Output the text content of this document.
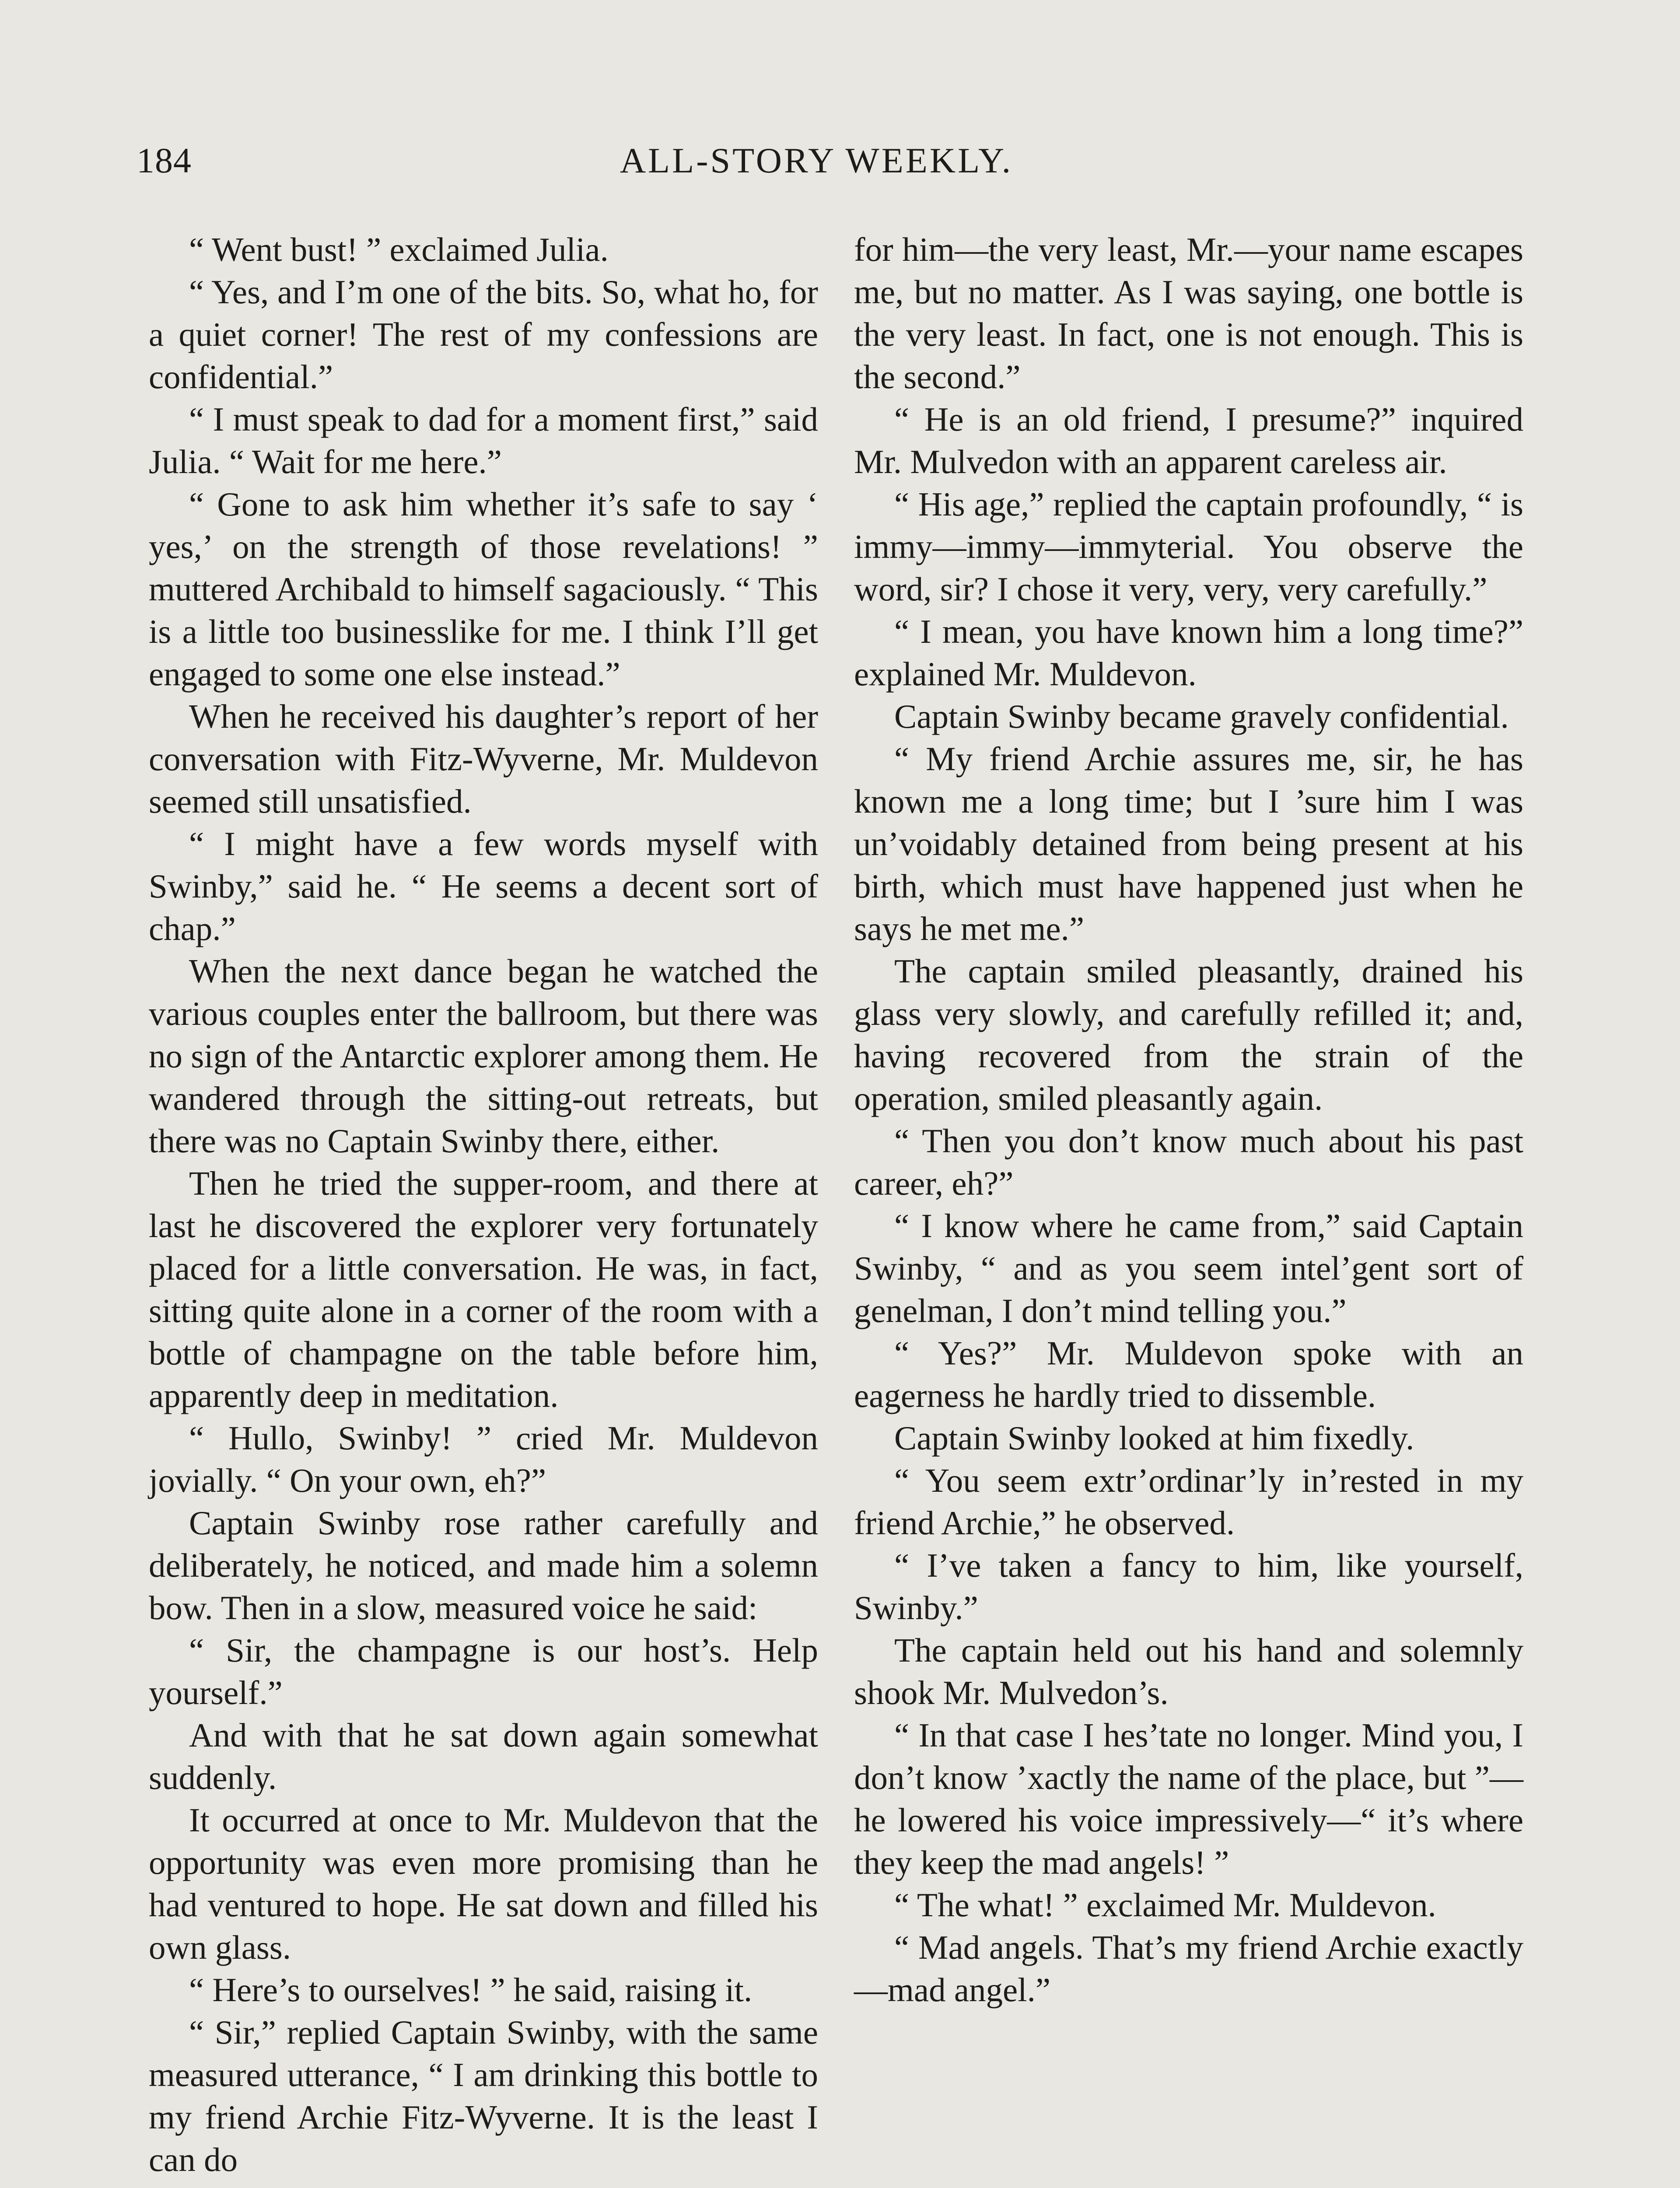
184	ALL-STORY WEEKLY.

“ Went bust! ” exclaimed Julia.

“ Yes, and I’m one of the bits. So, what ho, for a quiet corner! The rest of my confessions are confidential.”

“ I must speak to dad for a moment first,” said Julia. “ Wait for me here.”

“ Gone to ask him whether it’s safe to say ‘ yes,’ on the strength of those revelations! ” muttered Archibald to himself sagaciously. “ This is a little too businesslike for me. I think I’ll get engaged to some one else instead.”

When he received his daughter’s report of her conversation with Fitz-Wyverne, Mr. Muldevon seemed still unsatisfied.

“ I might have a few words myself with Swinby,” said he. “ He seems a decent sort of chap.”

When the next dance began he watched the various couples enter the ballroom, but there was no sign of the Antarctic explorer among them. He wandered through the sitting-out retreats, but there was no Captain Swinby there, either.

Then he tried the supper-room, and there at last he discovered the explorer very fortunately placed for a little conversation. He was, in fact, sitting quite alone in a corner of the room with a bottle of champagne on the table before him, apparently deep in meditation.

“ Hullo, Swinby! ” cried Mr. Muldevon jovially. “ On your own, eh?”

Captain Swinby rose rather carefully and deliberately, he noticed, and made him a solemn bow. Then in a slow, measured voice he said:

“ Sir, the champagne is our host’s. Help yourself.”

And with that he sat down again somewhat suddenly.

It occurred at once to Mr. Muldevon that the opportunity was even more promising than he had ventured to hope. He sat down and filled his own glass.

“ Here’s to ourselves! ” he said, raising it.

“ Sir,” replied Captain Swinby, with the same measured utterance, “ I am drinking this bottle to my friend Archie Fitz-Wyverne. It is the least I can do

for him—the very least, Mr.—your name escapes me, but no matter. As I was saying, one bottle is the very least. In fact, one is not enough. This is the second.”

“ He is an old friend, I presume?” inquired Mr. Mulvedon with an apparent careless air.

“ His age,” replied the captain profoundly, “ is immy—immy—immyterial. You observe the word, sir? I chose it very, very, very carefully.”

“ I mean, you have known him a long time?” explained Mr. Muldevon.

Captain Swinby became gravely confidential.

“ My friend Archie assures me, sir, he has known me a long time; but I ’sure him I was un’voidably detained from being present at his birth, which must have happened just when he says he met me.”

The captain smiled pleasantly, drained his glass very slowly, and carefully refilled it; and, having recovered from the strain of the operation, smiled pleasantly again.

“ Then you don’t know much about his past career, eh?”

“ I know where he came from,” said Captain Swinby, “ and as you seem intel’gent sort of genelman, I don’t mind telling you.”

“ Yes?” Mr. Muldevon spoke with an eagerness he hardly tried to dissemble.

Captain Swinby looked at him fixedly.

“ You seem extr’ordinar’ly in’rested in my friend Archie,” he observed.

“ I’ve taken a fancy to him, like yourself, Swinby.”

The captain held out his hand and solemnly shook Mr. Mulvedon’s.

“ In that case I hes’tate no longer. Mind you, I don’t know ’xactly the name of the place, but ”—he lowered his voice impressively—“ it’s where they keep the mad angels! ”

“ The what! ” exclaimed Mr. Muldevon.

“ Mad angels. That’s my friend Archie exactly—mad angel.”
